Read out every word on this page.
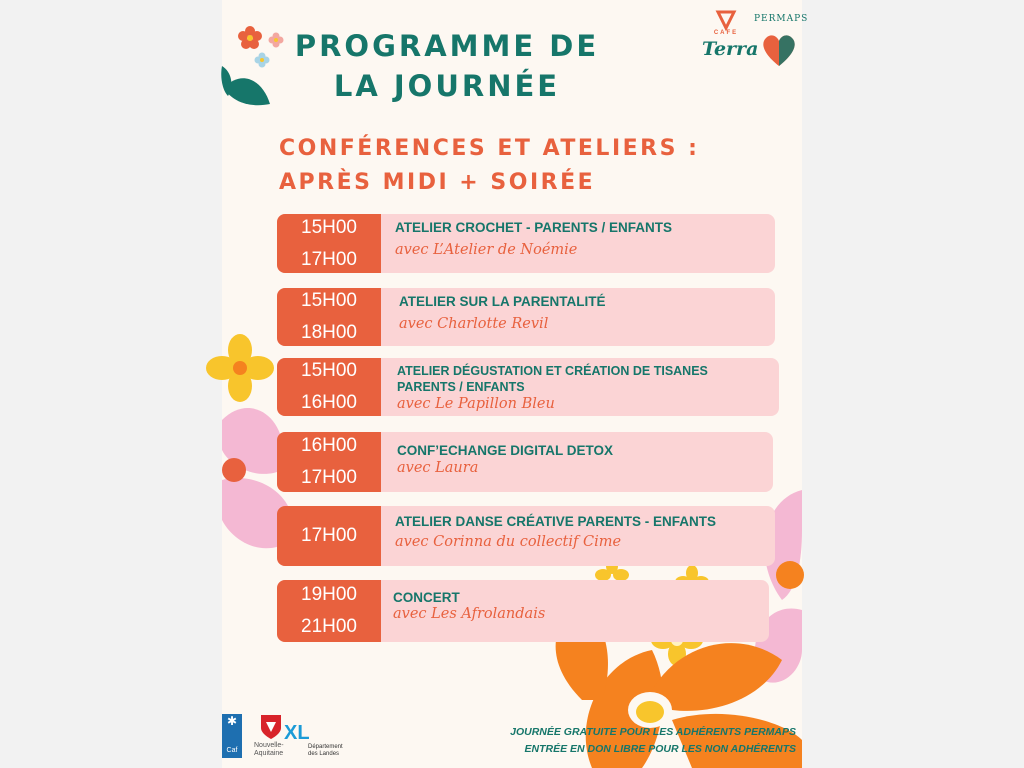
PROGRAMME DE
LA JOURNÉE
CAFE
Terra
PERMAPS
CONFÉRENCES ET ATELIERS :
APRÈS MIDI + SOIRÉE
15H00
17H00
ATELIER CROCHET - PARENTS / ENFANTS
avec L’Atelier de Noémie
15H00
18H00
ATELIER SUR LA PARENTALITÉ
avec Charlotte Revil
15H00
16H00
ATELIER DÉGUSTATION ET CRÉATION DE TISANES
PARENTS / ENFANTS
avec Le Papillon Bleu
16H00
17H00
CONF’ECHANGE DIGITAL DETOX
avec Laura
17H00
ATELIER DANSE CRÉATIVE PARENTS - ENFANTS
avec Corinna du collectif Cime
19H00
21H00
CONCERT
avec Les Afrolandais
✱
Caf
Nouvelle-Aquitaine
XL
Département des Landes
JOURNÉE GRATUITE POUR LES ADHÉRENTS PERMAPS
ENTRÉE EN DON LIBRE POUR LES NON ADHÉRENTS
